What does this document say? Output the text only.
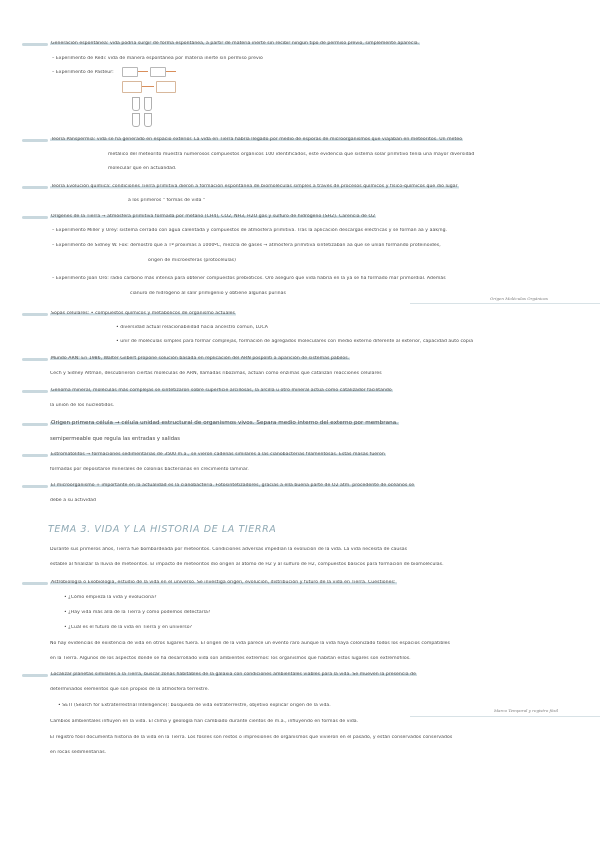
Generación espontánea: vida podría surgir de forma espontánea, a partir de materia inerte sin recibir ningún tipo de permiso previo, simplemente aparecía.
– Experimento de Redi: vida de manera espontánea por materia inerte sin permiso previo
– Experimento de Pasteur:
Teoría Panspermia: vida se ha generado en espacio exterior. La vida en Tierra habría llegado por medio de esporas de microorganismos que viajaban en meteoritos. Un meteo
metálico del meteorito muestra numerosos compuestos orgánicos 100 identificados, este evidencia que sistema solar primitivo tenía una mayor diversidad
molecular que en actualidad.
Teoría Evolución química: condiciones Tierra primitiva dieron a formación espontánea de biomoléculas simples a través de procesos químicos y físico-químicos que dio lugar
a los primeros " formas de vida "
Orígenes de la Tierra → atmósfera primitiva formada por metano (CH4), CO2, NH3, H2O gas y sulfuro de hidrógeno (SH2). Carencia de O2
– Experimento Miller y Urey: sistema cerrado con agua calentada y compuestos de atmósfera primitiva. Tras la aplicación descargas eléctricas y se forman aa y aak/ng.
– Experimento de Sidney W. Fox: demostró que a Tª próximas a 1000ºC, mezcla de gases → atmósfera primitiva sintetizaban aa que se unían formando proteinoides,
origen de microesferas (protocélulas)
– Experimento Joan Oró: radio carbono más intensa para obtener compuestos prebióticos. Oró aseguró que vida habría en la ya se ha formado mar primordial. Además
cianuro de hidrógeno al salir primigenio y obtiene algunas purinas
Origen Moléculas Orgánicas
Sopas celulares: • compuestos químicos y metabólicos de organismo actuales
• diversidad actual relacionabilidad hacia ancestro común, LUCA
• unir de moléculas simples para formar complejas, formación de agregados moleculares con medio externo diferente al exterior, capacidad auto copia
Mundo ARN: En 1986, Walter Gilbert propone solución basada en replicación del ARN pospoliti a aparición de sistemas pabilos.
Cech y Sidney Altman, descubrieron ciertas moléculas de ARN, llamadas ribozimas, actúan como enzimas que catalizan reacciones celulares
Genoma mineral, moléculas más complejas se sintetizaron sobre superficie arcillosas, la arcilla u otro mineral actúa como catalizador facilitando
la unión de los nucleótidos.
Origen primera célula → célula unidad estructural de organismos vivos. Separa medio interno del externo por membrana.
semipermeable que regula las entradas y salidas
Estromatolitos → formaciones sedimentarias de 3500 m.a., se vieron cadenas similares a las cianobacterias filamentosas. Estas masas fueron
formadas por depositarse minerales de colonias bacterianas en crecimiento laminar.
El microorganismo + importante en la actualidad es la cianobacteria. Fotosintetizadores, gracias a ella buena parte de O2 atm. procedente de océanos se
debe a su actividad
TEMA 3. VIDA Y LA HISTORIA DE LA TIERRA
Durante sus primeros años, Tierra fue bombardeada por meteoritos. Condiciones adversas impedían la evolución de la vida. La vida necesita de causas
estable al finalizar la lluvia de meteoritos. El impacto de meteoritos dio origen al átomo de H2 y al sulfuro de H2, compuestos básicos para formación de biomoléculas.
Astrobiología o Exobiología, estudio de la vida en el universo. Se investiga origen, evolución, distribución y futuro de la vida en Tierra. Cuestiones:
• ¿Cómo empieza la vida y evoluciona?
• ¿Hay vida más allá de la Tierra y cómo podemos detectarla?
• ¿Cuál es el futuro de la vida en Tierra y en universo?
No hay evidencias de existencia de vida en otros lugares fuera. El origen de la vida parece un evento raro aunque la vida haya colonizado todos los espacios compatibles
en la Tierra. Algunos de los aspectos donde se ha desarrollado vida son ambientes extremos: los organismos que habitan estos lugares son extremófilos.
Localizar planetas similares a la Tierra, buscar zonas habitables de la galaxia con condiciones ambientales viables para la vida. Se mueven la presencia de
determinados elementos que son propios de la atmósfera terrestre.
• SETI (Search for Extraterrestrial Intelligence): búsqueda de vida extraterrestre, objetivo explicar origen de la vida.
Marco Temporal y registro fósil
Cambios ambientales influyen en la vida. El clima y geología han cambiado durante cientos de m.a., influyendo en formas de vida.
El registro fósil documenta historia de la vida en la Tierra. Los fósiles son restos o impresiones de organismos que vivieron en el pasado, y están conservados conservados
en rocas sedimentarias.
